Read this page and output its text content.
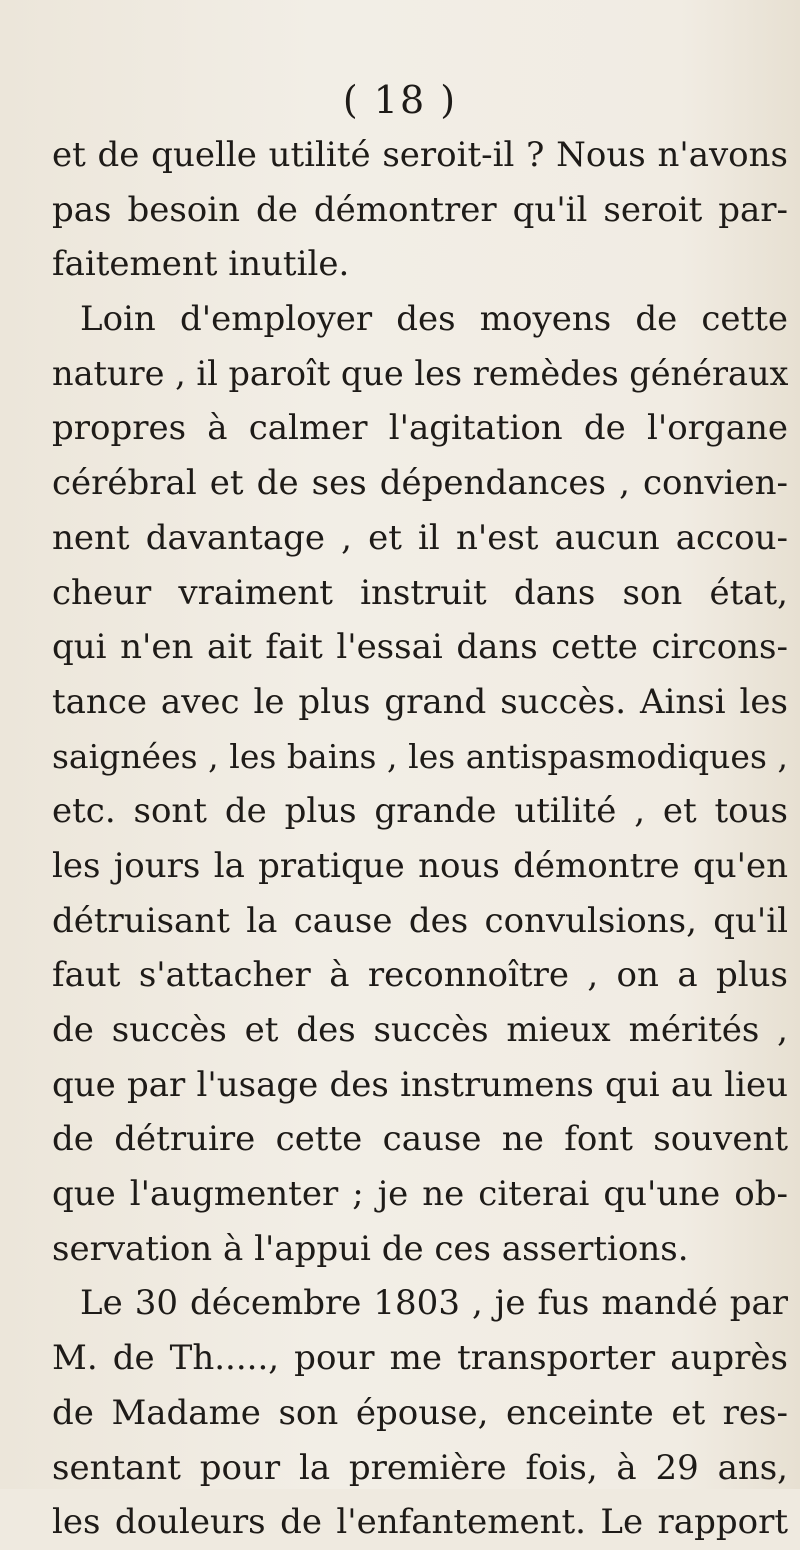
( 18 )
et de quelle utilité seroit-il ? Nous n'avons
pas besoin de démontrer qu'il seroit par-
faitement inutile.
Loin d'employer des moyens de cette
nature , il paroît que les remèdes généraux
propres à calmer l'agitation de l'organe
cérébral et de ses dépendances , convien-
nent davantage , et il n'est aucun accou-
cheur vraiment instruit dans son état,
qui n'en ait fait l'essai dans cette circons-
tance avec le plus grand succès. Ainsi les
saignées , les bains , les antispasmodiques ,
etc. sont de plus grande utilité , et tous
les jours la pratique nous démontre qu'en
détruisant la cause des convulsions, qu'il
faut s'attacher à reconnoître , on a plus
de succès et des succès mieux mérités ,
que par l'usage des instrumens qui au lieu
de détruire cette cause ne font souvent
que l'augmenter ; je ne citerai qu'une ob-
servation à l'appui de ces assertions.
Le 30 décembre 1803 , je fus mandé par
M. de Th....., pour me transporter auprès
de Madame son épouse, enceinte et res-
sentant pour la première fois, à 29 ans,
les douleurs de l'enfantement. Le rapport
